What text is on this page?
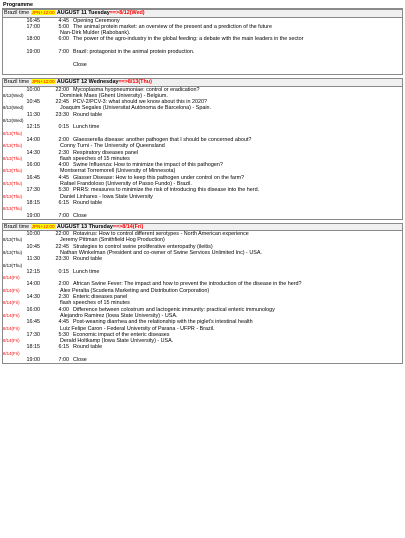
Programme
Brazil time JPN+12:00 AUGUST 11 Tuesday==>8/12(Wed)
16:45	4:45 Opening Ceremony
17:00	5:00 The animal protein market: an overview of the present and a prediction of the future
Nan-Dirk Mulder (Rabobank).
18:00	6:00 The power of the agro-industry in the global feeding: a debate with the main leaders in the sector
19:00	7:00 Brazil: protagonist in the animal protein production.
Close
Brazil time JPN+12:00 AUGUST 12 Wednesday==>8/13(Thu)
10:00	22:00 Mycoplasma hyopneumoniae: control or eradication?
8/12(Wed)	Dominiek Maes (Ghent University) - Belgium.
10:45	22:45 PCV-2/PCV-3: what should we know about this in 2020?
8/12(Wed)	Joaquim Segales (Universitat Autònoma de Barcelona) - Spain.
11:30	23:30 Round table
8/12(Wed)
12:15	0:15 Lunch time
8/13(Thu)
14:00	2:00 Glaesserella disease: another pathogen that I should be concerned about?
8/13(Thu)	Conny Turni - The University of Queensland
14:30	2:30 Respiratory diseases panel
8/13(Thu)	flash speeches of 15 minutes
16:00	4:00 Swine Influenza: How to minimize the impact of this pathogen?
8/13(Thu)	Montserrat Torremorell (University of Minnesota)
16:45	4:45 Glasser Disease: How to keep this pathogen under control on the farm?
8/13(Thu)	Rafael Frandoloso (University of Passo Fundo) - Brazil.
17:30	5:30 PRRS: measures to minimize the risk of introducing this disease into the herd.
8/13(Thu)	Daniel Linhares - Iowa State University
18:15	6:15 Round table
8/13(Thu)
19:00	7:00 Close
Brazil time JPN+12:00 AUGUST 13 Thursday==>8/14(Fri)
10:00	22:00 Rotavirus: How to control different serotypes - North American experience
8/13(Thu)	Jeremy Pittman (Smithfield Hog Production)
10:45	22:45 Strategies to control swine proliferative enteropathy (ileitis)
8/13(Thu)	Nathan Winkelman (President and co-owner of Swine Services Unlimited Inc) - USA.
11:30	23:30 Round table
8/13(Thu)
12:15	0:15 Lunch time
8/14(Fri)
14:00	2:00 African Swine Fever: The impact and how to prevent the introduction of the disease in the herd?
8/14(Fri)	Alex Peralta (Scuderia Marketing and Distribution Corporation)
14:30	2:30 Enteric diseases panel
8/14(Fri)	flash speeches of 15 minutes
16:00	4:00 Difference between colostrum and lactogenic immunity: practical enteric immunology
8/14(Fri)	Alejandro Ramirez (Iowa State University) - USA.
16:45	4:45 Post-weaning diarrhea and the relationship with the piglet's intestinal health
8/14(Fri)	Luiz Felipe Caron - Federal University of Parana - UFPR - Brazil.
17:30	5:30 Economic impact of the enteric diseases
8/14(Fri)	Derald Holtkamp (Iowa State University) - USA.
18:15	6:15 Round table
8/14(Fri)
19:00	7:00 Close
